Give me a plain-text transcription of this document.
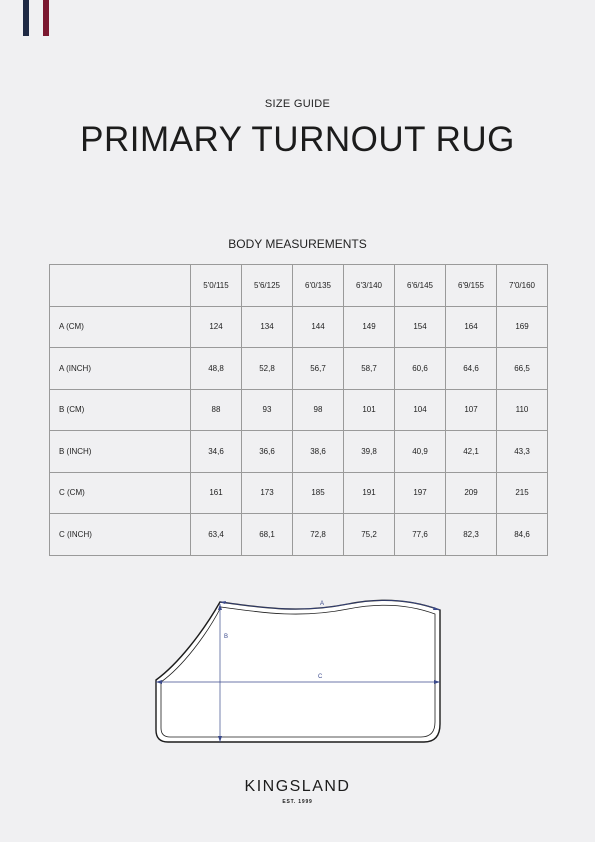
SIZE GUIDE
PRIMARY TURNOUT RUG
BODY MEASUREMENTS
	5'0/115	5'6/125	6'0/135	6'3/140	6'6/145	6'9/155	7'0/160
A (CM)	124	134	144	149	154	164	169
A (INCH)	48,8	52,8	56,7	58,7	60,6	64,6	66,5
B (CM)	88	93	98	101	104	107	110
B (INCH)	34,6	36,6	38,6	39,8	40,9	42,1	43,3
C (CM)	161	173	185	191	197	209	215
C (INCH)	63,4	68,1	72,8	75,2	77,6	82,3	84,6
A
B
C
KINGSLAND
EST. 1999
